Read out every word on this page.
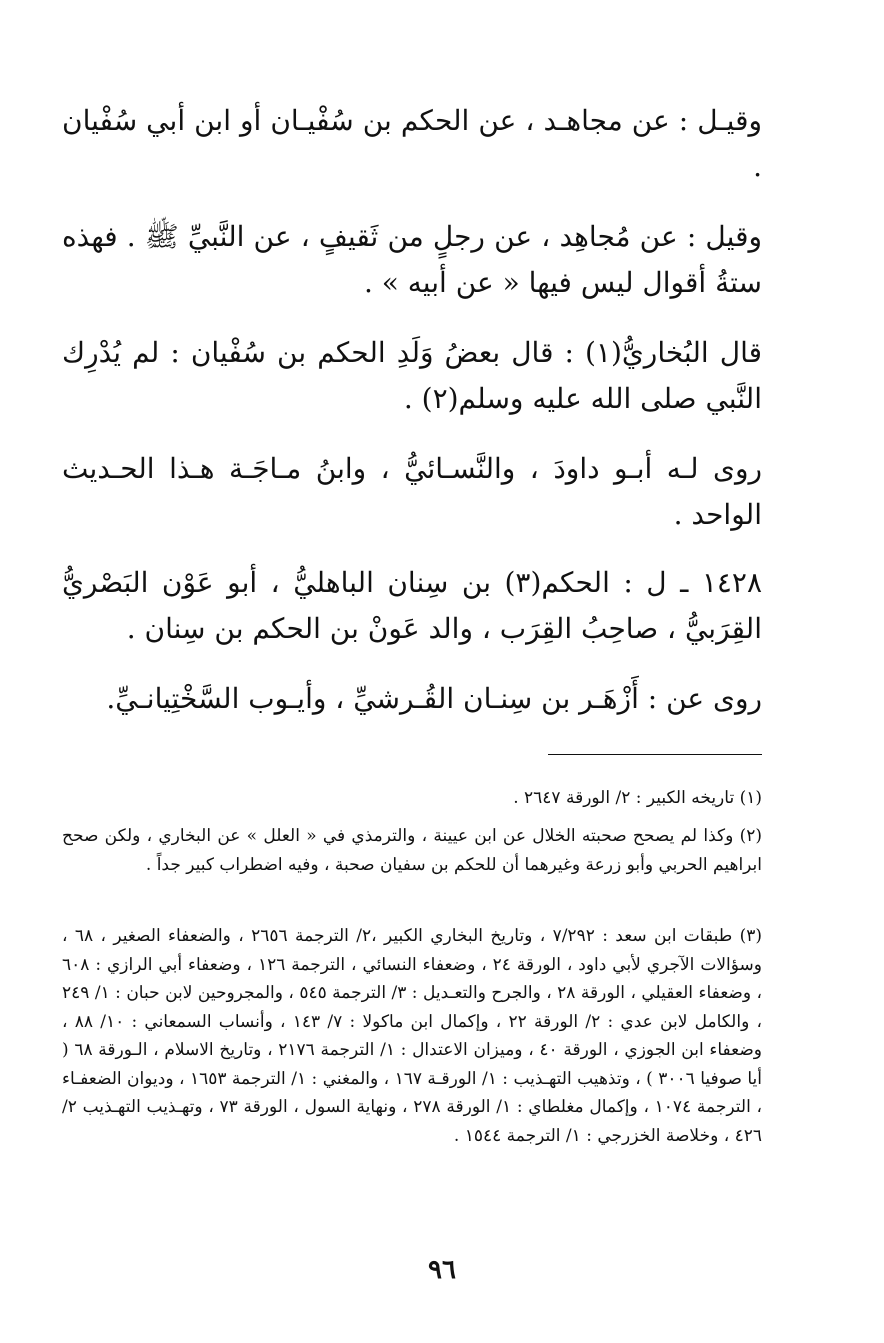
وقيـل : عن مجاهـد ، عن الحكم بن سُفْيـان أو ابن أبي سُفْيان .

وقيل : عن مُجاهِد ، عن رجلٍ من ثَقيفٍ ، عن النَّبيِّ ﷺ . فهذه ستةُ أقوال ليس فيها « عن أبيه » .

قال البُخاريُّ(١) : قال بعضُ وَلَدِ الحكم بن سُفْيان : لم يُدْرِك النَّبي صلى الله عليه وسلم(٢) .

روى لـه أبـو داودَ ، والنَّسـائيُّ ، وابنُ مـاجَـة هـذا الحـديث الواحد .

١٤٢٨ ـ ل : الحكم(٣) بن سِنان الباهليُّ ، أبو عَوْن البَصْريُّ القِرَبيُّ ، صاحِبُ القِرَب ، والد عَونْ بن الحكم بن سِنان .

روى عن : أَزْهَـر بن سِنـان القُـرشيِّ ، وأيـوب السَّخْتِيانـيِّ.

(١) تاريخه الكبير : ٢/ الورقة ٢٦٤٧ .

(٢) وكذا لم يصحح صحبته الخلال عن ابن عيينة ، والترمذي في « العلل » عن البخاري ، ولكن صحح ابراهيم الحربي وأبو زرعة وغيرهما أن للحكم بن سفيان صحبة ، وفيه اضطراب كبير جداً .

(٣) طبقات ابن سعد : ٧/٢٩٢ ، وتاريخ البخاري الكبير ،٢/ الترجمة ٢٦٥٦ ، والضعفاء الصغير ، ٦٨ ، وسؤالات الآجري لأبي داود ، الورقة ٢٤ ، وضعفاء النسائي ، الترجمة ١٢٦ ، وضعفاء أبي الرازي : ٦٠٨ ، وضعفاء العقيلي ، الورقة ٢٨ ، والجرح والتعـديل : ٣/ الترجمة ٥٤٥ ، والمجروحين لابن حبان : ١/ ٢٤٩ ، والكامل لابن عدي : ٢/ الورقة ٢٢ ، وإكمال ابن ماكولا : ٧/ ١٤٣ ، وأنساب السمعاني : ١٠/ ٨٨ ، وضعفاء ابن الجوزي ، الورقة ٤٠ ، وميزان الاعتدال : ١/ الترجمة ٢١٧٦ ، وتاريخ الاسلام ، الـورقة ٦٨ ( أيا صوفيا ٣٠٠٦ ) ، وتذهيب التهـذيب : ١/ الورقـة ١٦٧ ، والمغني : ١/ الترجمة ١٦٥٣ ، وديوان الضعفـاء ، الترجمة ١٠٧٤ ، وإكمال مغلطاي : ١/ الورقة ٢٧٨ ، ونهاية السول ، الورقة ٧٣ ، وتهـذيب التهـذيب ٢/ ٤٢٦ ، وخلاصة الخزرجي : ١/ الترجمة ١٥٤٤ .

٩٦
